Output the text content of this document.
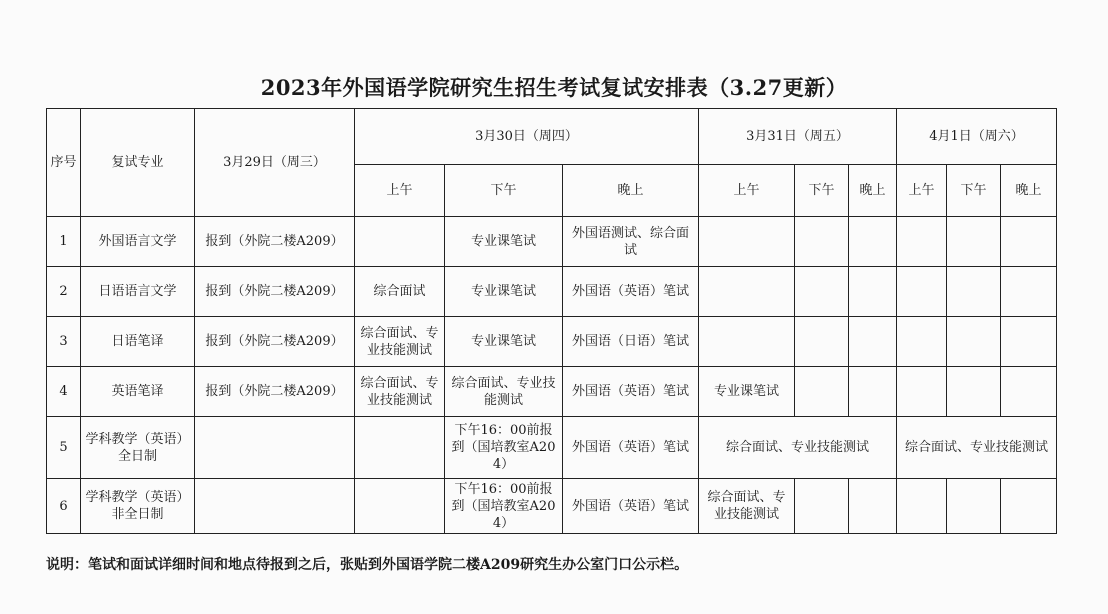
2023年外国语学院研究生招生考试复试安排表（3.27更新）
序号	复试专业	3月29日（周三）	3月30日（周四）			3月31日（周五）			4月1日（周六）		
			上午	下午	晚上	上午	下午	晚上	上午	下午	晚上
1	外国语言文学	报到（外院二楼A209）		专业课笔试	外国语测试、综合面试						
2	日语语言文学	报到（外院二楼A209）	综合面试	专业课笔试	外国语（英语）笔试						
3	日语笔译	报到（外院二楼A209）	综合面试、专业技能测试	专业课笔试	外国语（日语）笔试						
4	英语笔译	报到（外院二楼A209）	综合面试、专业技能测试	综合面试、专业技能测试	外国语（英语）笔试	专业课笔试					
5	学科教学（英语）全日制			下午16：00前报到（国培教室A204）	外国语（英语）笔试	综合面试、专业技能测试			综合面试、专业技能测试		
6	学科教学（英语）非全日制			下午16：00前报到（国培教室A204）	外国语（英语）笔试	综合面试、专业技能测试					
说明：笔试和面试详细时间和地点待报到之后，张贴到外国语学院二楼A209研究生办公室门口公示栏。
